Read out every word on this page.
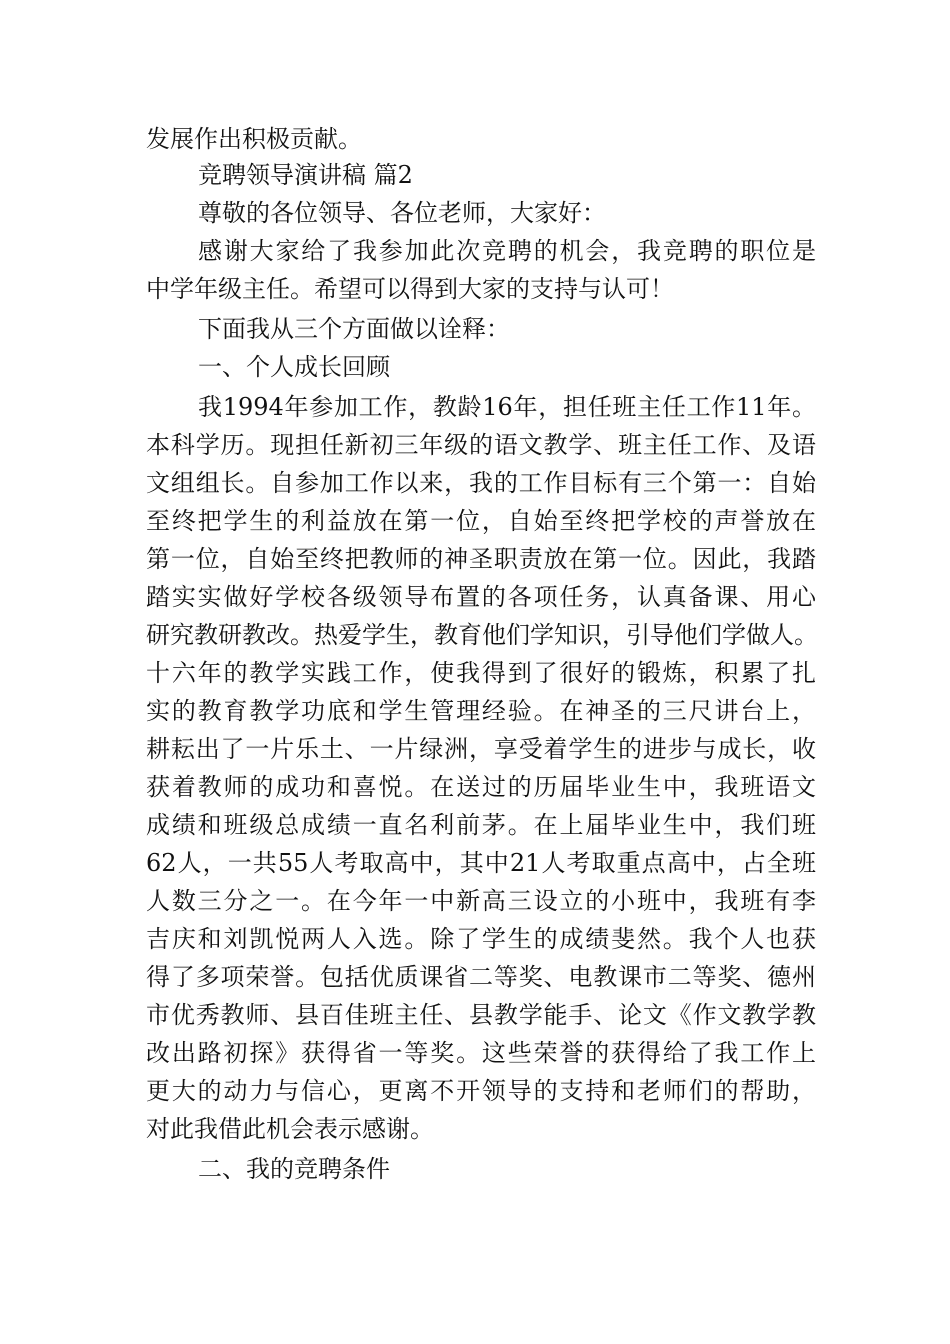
发展作出积极贡献。
竞聘领导演讲稿 篇2
尊敬的各位领导、各位老师，大家好：
感谢大家给了我参加此次竞聘的机会，我竞聘的职位是
中学年级主任。希望可以得到大家的支持与认可！
下面我从三个方面做以诠释：
一、个人成长回顾
我1994年参加工作，教龄16年，担任班主任工作11年。
本科学历。现担任新初三年级的语文教学、班主任工作、及语
文组组长。自参加工作以来，我的工作目标有三个第一：自始
至终把学生的利益放在第一位，自始至终把学校的声誉放在
第一位，自始至终把教师的神圣职责放在第一位。因此，我踏
踏实实做好学校各级领导布置的各项任务，认真备课、用心
研究教研教改。热爱学生，教育他们学知识，引导他们学做人。
十六年的教学实践工作，使我得到了很好的锻炼，积累了扎
实的教育教学功底和学生管理经验。在神圣的三尺讲台上，
耕耘出了一片乐土、一片绿洲，享受着学生的进步与成长，收
获着教师的成功和喜悦。在送过的历届毕业生中，我班语文
成绩和班级总成绩一直名利前茅。在上届毕业生中，我们班
62人，一共55人考取高中，其中21人考取重点高中，占全班
人数三分之一。在今年一中新高三设立的小班中，我班有李
吉庆和刘凯悦两人入选。除了学生的成绩斐然。我个人也获
得了多项荣誉。包括优质课省二等奖、电教课市二等奖、德州
市优秀教师、县百佳班主任、县教学能手、论文《作文教学教
改出路初探》获得省一等奖。这些荣誉的获得给了我工作上
更大的动力与信心，更离不开领导的支持和老师们的帮助，
对此我借此机会表示感谢。
二、我的竞聘条件
